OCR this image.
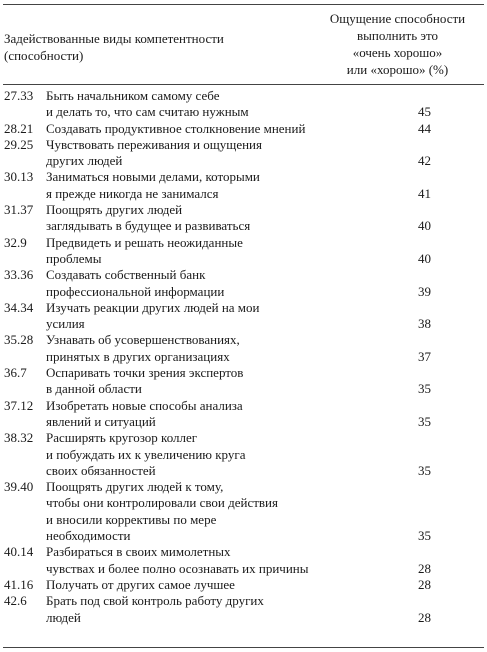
Задействованные виды компетентности
(способности)
Ощущение способности
выполнить это
«очень хорошо»
или «хорошо» (%)
27.33 Быть начальником самому себе
и делать то, что сам считаю нужным	45
28.21 Создавать продуктивное столкновение мнений	44
29.25 Чувствовать переживания и ощущения
других людей	42
30.13 Заниматься новыми делами, которыми
я прежде никогда не занимался	41
31.37 Поощрять других людей
заглядывать в будущее и развиваться	40
32.9	Предвидеть и решать неожиданные
проблемы	40
33.36 Создавать собственный банк
профессиональной информации	39
34.34 Изучать реакции других людей на мои
усилия	38
35.28 Узнавать об усовершенствованиях,
принятых в других организациях	37
36.7	Оспаривать точки зрения экспертов
в данной области	35
37.12 Изобретать новые способы анализа
явлений и ситуаций	35
38.32 Расширять кругозор коллег
и побуждать их к увеличению круга
своих обязанностей	35
39.40 Поощрять других людей к тому,
чтобы они контролировали свои действия
и вносили коррективы по мере
необходимости	35
40.14 Разбираться в своих мимолетных
чувствах и более полно осознавать их причины	28
41.16 Получать от других самое лучшее	28
42.6	Брать под свой контроль работу других
людей	28
